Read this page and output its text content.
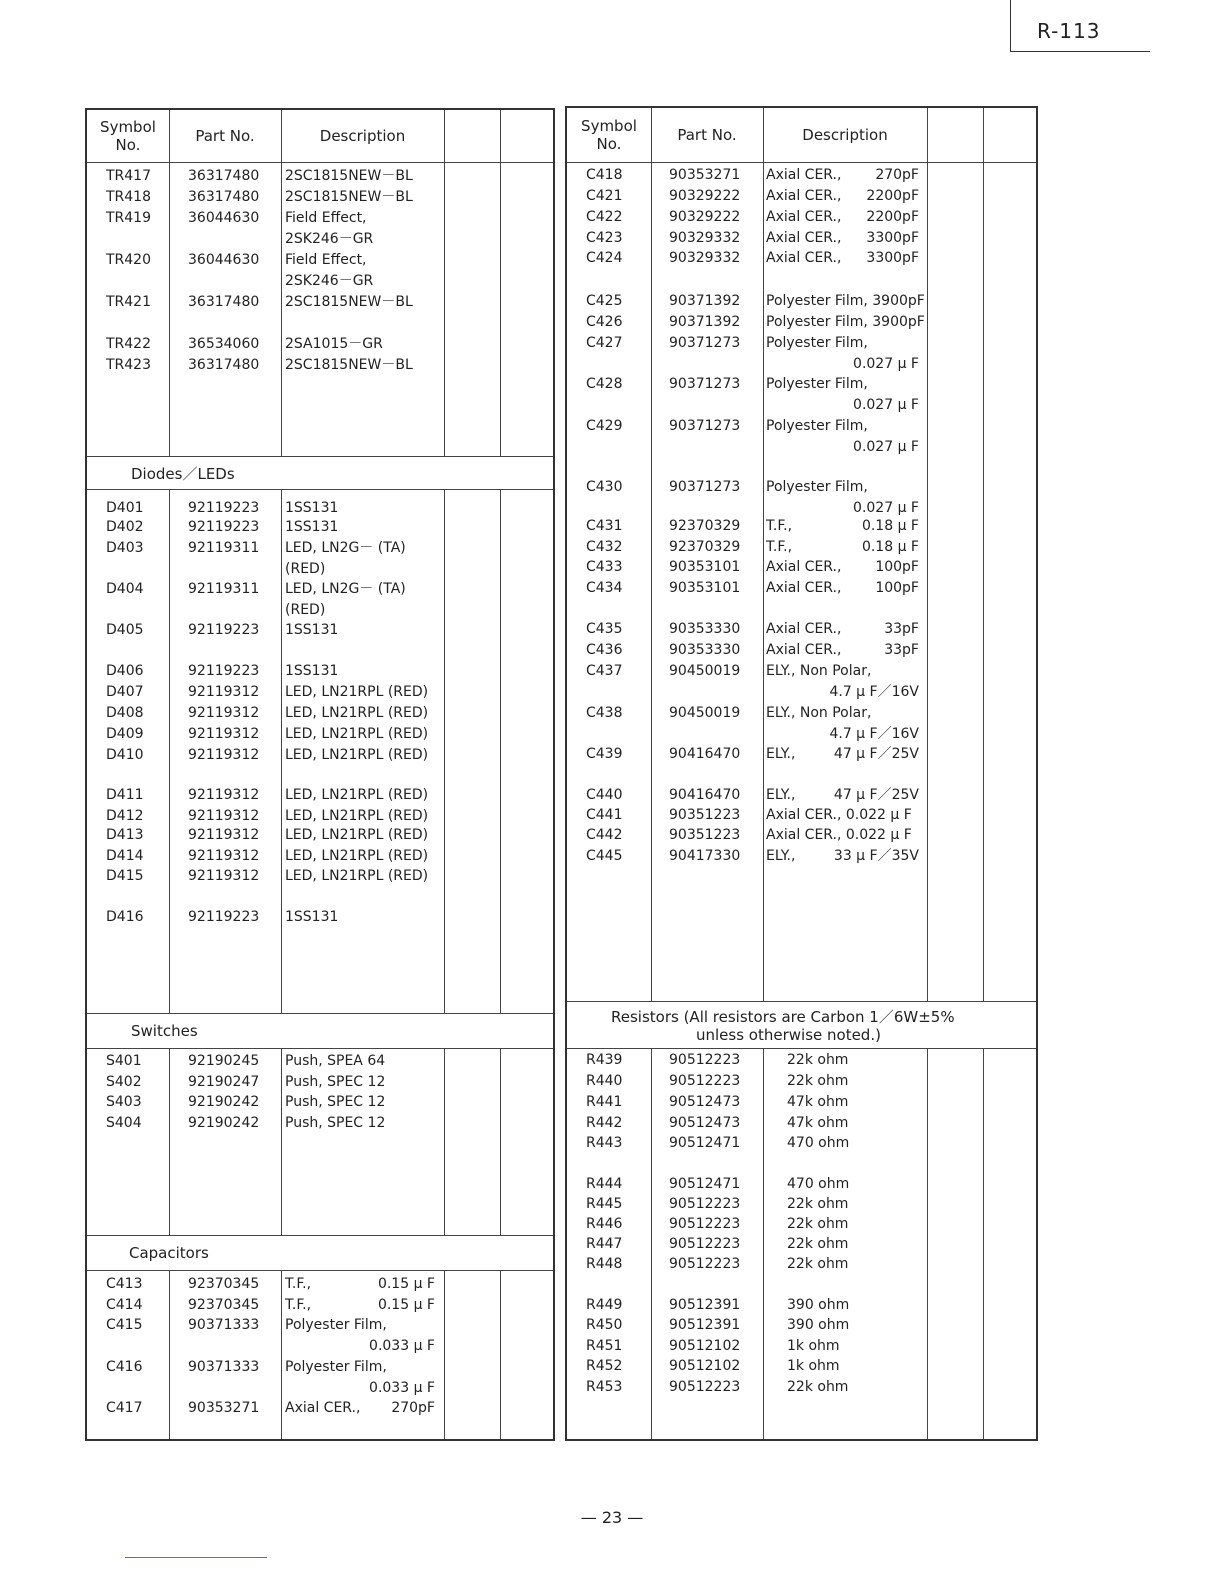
R-113
Symbol
No.	Part No.	Description
Diodes／LEDs
Switches
Capacitors
TR417	36317480 2SC1815NEW－BL
TR418	36317480 2SC1815NEW－BL
TR419	36044630 Field Effect,
2SK246－GR
TR420	36044630 Field Effect,
2SK246－GR
TR421	36317480 2SC1815NEW－BL
TR422	36534060 2SA1015－GR
TR423	36317480 2SC1815NEW－BL
D401	92119223 1SS131
D402	92119223 1SS131
D403	92119311 LED, LN2G－ (TA)
(RED)
D404	92119311 LED, LN2G－ (TA)
(RED)
D405	92119223 1SS131
D406	92119223 1SS131
D407	92119312 LED, LN21RPL (RED)
D408	92119312 LED, LN21RPL (RED)
D409	92119312 LED, LN21RPL (RED)
D410	92119312 LED, LN21RPL (RED)
D411	92119312 LED, LN21RPL (RED)
D412	92119312 LED, LN21RPL (RED)
D413	92119312 LED, LN21RPL (RED)
D414	92119312 LED, LN21RPL (RED)
D415	92119312 LED, LN21RPL (RED)
D416	92119223 1SS131
S401	92190245 Push, SPEA 64
S402	92190247 Push, SPEC 12
S403	92190242 Push, SPEC 12
S404	92190242 Push, SPEC 12
C413	92370345 T.F.,	0.15 μ F
C414	92370345 T.F.,	0.15 μ F
C415	90371333 Polyester Film,
0.033 μ F
C416	90371333 Polyester Film,
0.033 μ F
C417	90353271 Axial CER.,	270pF
Symbol
No.	Part No.	Description
Resistors (All resistors are Carbon 1／6W±5%
unless otherwise noted.)
C418	90353271 Axial CER.,	270pF
C421	90329222 Axial CER.,	2200pF
C422	90329222 Axial CER.,	2200pF
C423	90329332 Axial CER.,	3300pF
C424	90329332 Axial CER.,	3300pF
C425	90371392 Polyester Film, 3900pF
C426	90371392 Polyester Film, 3900pF
C427	90371273 Polyester Film,
0.027 μ F
C428	90371273 Polyester Film,
0.027 μ F
C429	90371273 Polyester Film,
0.027 μ F
C430	90371273 Polyester Film,
0.027 μ F
C431	92370329 T.F.,	0.18 μ F
C432	92370329 T.F.,	0.18 μ F
C433	90353101 Axial CER.,	100pF
C434	90353101 Axial CER.,	100pF
C435	90353330 Axial CER.,	33pF
C436	90353330 Axial CER.,	33pF
C437	90450019 ELY., Non Polar,
4.7 μ F／16V
C438	90450019 ELY., Non Polar,
4.7 μ F／16V
C439	90416470 ELY.,	47 μ F／25V
C440	90416470 ELY.,	47 μ F／25V
C441	90351223 Axial CER., 0.022 μ F
C442	90351223 Axial CER., 0.022 μ F
C445	90417330 ELY.,	33 μ F／35V
R439	90512223	22k ohm
R440	90512223	22k ohm
R441	90512473	47k ohm
R442	90512473	47k ohm
R443	90512471	470 ohm
R444	90512471	470 ohm
R445	90512223	22k ohm
R446	90512223	22k ohm
R447	90512223	22k ohm
R448	90512223	22k ohm
R449	90512391	390 ohm
R450	90512391	390 ohm
R451	90512102	1k ohm
R452	90512102	1k ohm
R453	90512223	22k ohm
— 23 —
